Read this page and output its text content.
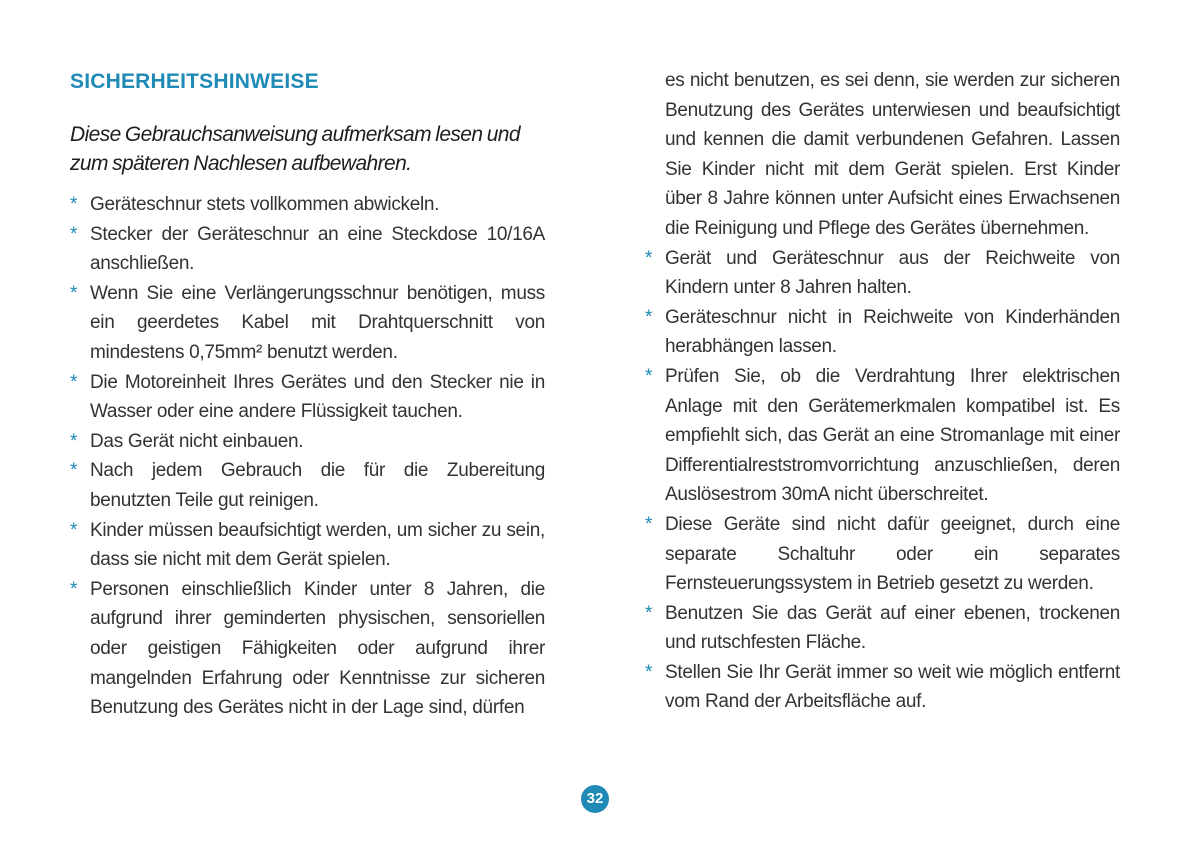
SICHERHEITSHINWEISE

Diese Gebrauchsanweisung aufmerksam lesen und zum späteren Nachlesen aufbewahren.

* Geräteschnur stets vollkommen abwickeln.
* Stecker der Geräteschnur an eine Steckdose 10/16A anschließen.
* Wenn Sie eine Verlängerungsschnur benötigen, muss ein geerdetes Kabel mit Drahtquerschnitt von mindestens 0,75mm² benutzt werden.
* Die Motoreinheit Ihres Gerätes und den Stecker nie in Wasser oder eine andere Flüssigkeit tauchen.
* Das Gerät nicht einbauen.
* Nach jedem Gebrauch die für die Zubereitung benutzten Teile gut reinigen.
* Kinder müssen beaufsichtigt werden, um sicher zu sein, dass sie nicht mit dem Gerät spielen.
* Personen einschließlich Kinder unter 8 Jahren, die aufgrund ihrer geminderten physischen, sensoriellen oder geistigen Fähigkeiten oder aufgrund ihrer mangelnden Erfahrung oder Kenntnisse zur sicheren Benutzung des Gerätes nicht in der Lage sind, dürfen
es nicht benutzen, es sei denn, sie werden zur sicheren Benutzung des Gerätes unterwiesen und beaufsichtigt und kennen die damit verbundenen Gefahren. Lassen Sie Kinder nicht mit dem Gerät spielen. Erst Kinder über 8 Jahre können unter Aufsicht eines Erwachsenen die Reinigung und Pflege des Gerätes übernehmen.
* Gerät und Geräteschnur aus der Reichweite von Kindern unter 8 Jahren halten.
* Geräteschnur nicht in Reichweite von Kinderhänden herabhängen lassen.
* Prüfen Sie, ob die Verdrahtung Ihrer elektrischen Anlage mit den Gerätemerkmalen kompatibel ist. Es empfiehlt sich, das Gerät an eine Stromanlage mit einer Differentialreststromvorrichtung anzuschließen, deren Auslösestrom 30mA nicht überschreitet.
* Diese Geräte sind nicht dafür geeignet, durch eine separate Schaltuhr oder ein separates Fernsteuerungssystem in Betrieb gesetzt zu werden.
* Benutzen Sie das Gerät auf einer ebenen, trockenen und rutschfesten Fläche.
* Stellen Sie Ihr Gerät immer so weit wie möglich entfernt vom Rand der Arbeitsfläche auf.
32
